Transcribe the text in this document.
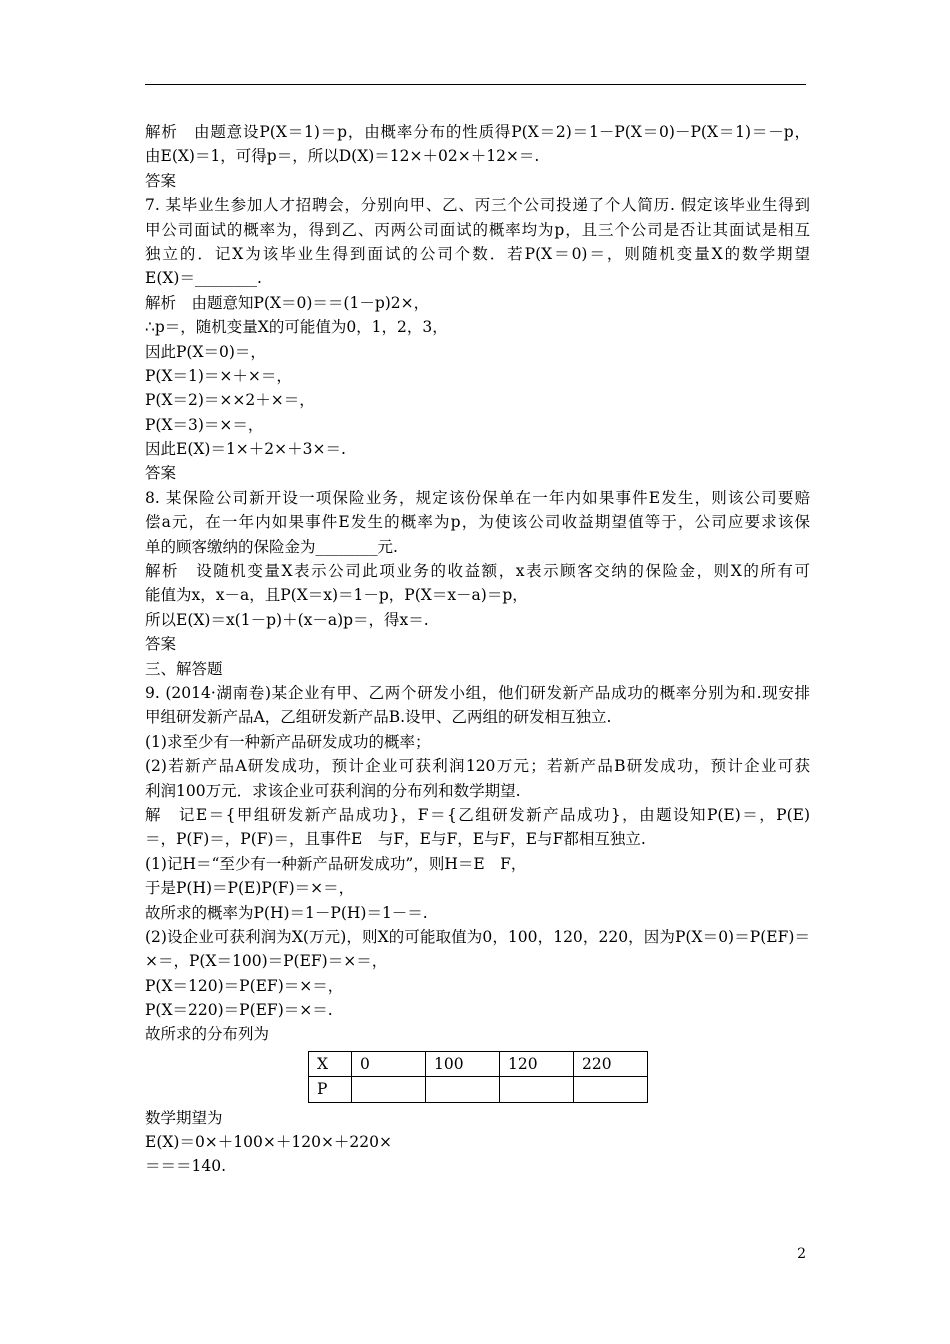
解析　由题意设P(X＝1)＝p，由概率分布的性质得P(X＝2)＝1－P(X＝0)－P(X＝1)＝－p，
由E(X)＝1，可得p＝，所以D(X)＝12×＋02×＋12×＝.
答案
7. 某毕业生参加人才招聘会，分别向甲、乙、丙三个公司投递了个人简历. 假定该毕业生得到
甲公司面试的概率为，得到乙、丙两公司面试的概率均为p，且三个公司是否让其面试是相互
独立的．记X为该毕业生得到面试的公司个数．若P(X＝0)＝，则随机变量X的数学期望
E(X)＝________.
解析　由题意知P(X＝0)＝＝(1－p)2×，
∴p＝，随机变量X的可能值为0，1，2，3，
因此P(X＝0)＝，
P(X＝1)＝×＋×＝，
P(X＝2)＝××2＋×＝，
P(X＝3)＝×＝，
因此E(X)＝1×＋2×＋3×＝.
答案
8. 某保险公司新开设一项保险业务，规定该份保单在一年内如果事件E发生，则该公司要赔
偿a元，在一年内如果事件E发生的概率为p，为使该公司收益期望值等于，公司应要求该保
单的顾客缴纳的保险金为________元.
解析　设随机变量X表示公司此项业务的收益额，x表示顾客交纳的保险金，则X的所有可
能值为x，x－a，且P(X＝x)＝1－p，P(X＝x－a)＝p，
所以E(X)＝x(1－p)＋(x－a)p＝，得x＝.
答案
三、解答题
9. (2014·湖南卷)某企业有甲、乙两个研发小组，他们研发新产品成功的概率分别为和.现安排
甲组研发新产品A，乙组研发新产品B.设甲、乙两组的研发相互独立.
(1)求至少有一种新产品研发成功的概率；
(2)若新产品A研发成功，预计企业可获利润120万元；若新产品B研发成功，预计企业可获
利润100万元．求该企业可获利润的分布列和数学期望.
解　记E＝{甲组研发新产品成功}，F＝{乙组研发新产品成功}，由题设知P(E)＝，P(E)
＝，P(F)＝，P(F)＝，且事件E　与F，E与F，E与F，E与F都相互独立.
(1)记H＝“至少有一种新产品研发成功”，则H＝E　F，
于是P(H)＝P(E)P(F)＝×＝，
故所求的概率为P(H)＝1－P(H)＝1－＝.
(2)设企业可获利润为X(万元)，则X的可能取值为0，100，120，220，因为P(X＝0)＝P(EF)＝
×＝，P(X＝100)＝P(EF)＝×＝，
P(X＝120)＝P(EF)＝×＝，
P(X＝220)＝P(EF)＝×＝.
故所求的分布列为
X	0	100	120	220
P				
数学期望为
E(X)＝0×＋100×＋120×＋220×
＝＝＝140.
2
